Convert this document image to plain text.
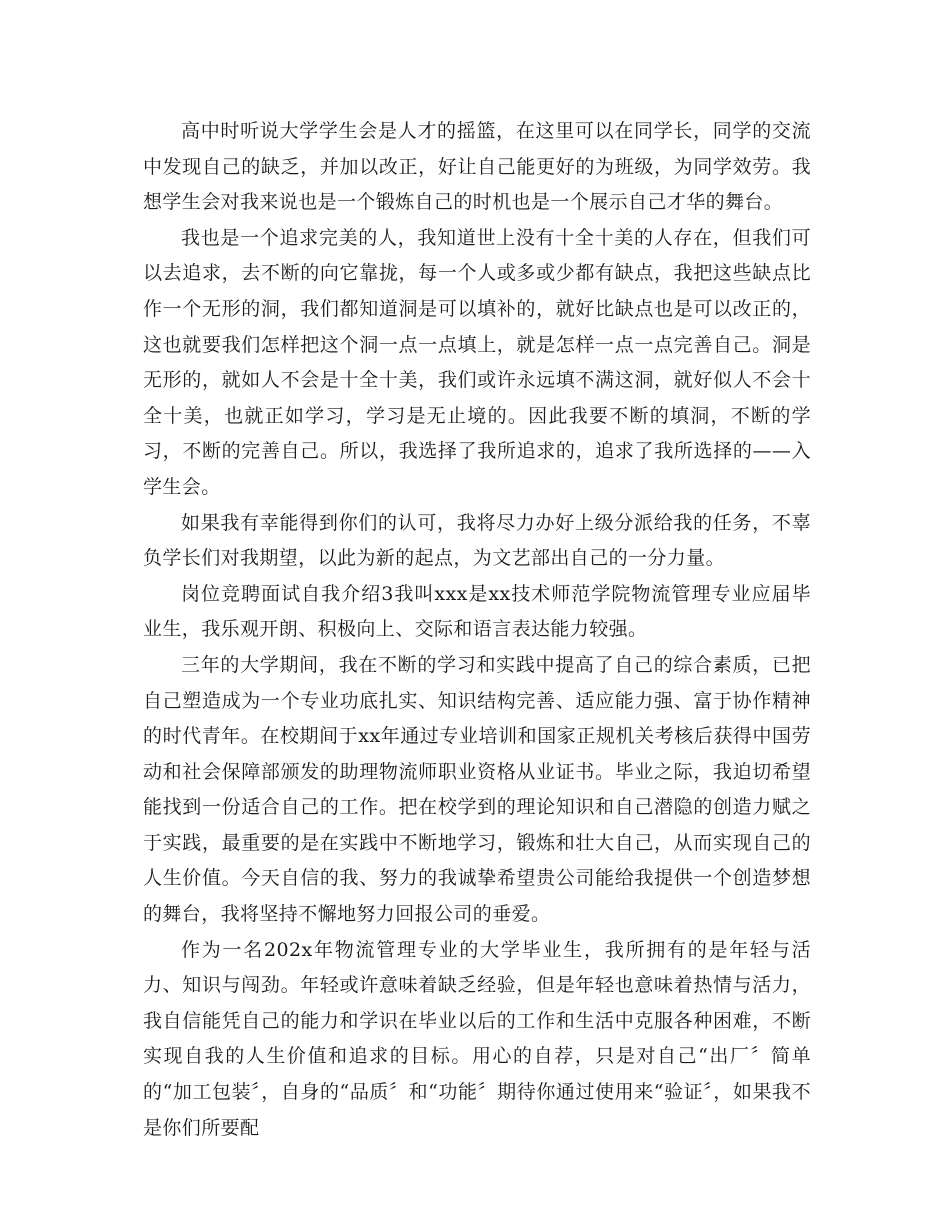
高中时听说大学学生会是人才的摇篮，在这里可以在同学长，同学的交流中发现自己的缺乏，并加以改正，好让自己能更好的为班级，为同学效劳。我想学生会对我来说也是一个锻炼自己的时机也是一个展示自己才华的舞台。

我也是一个追求完美的人，我知道世上没有十全十美的人存在，但我们可以去追求，去不断的向它靠拢，每一个人或多或少都有缺点，我把这些缺点比作一个无形的洞，我们都知道洞是可以填补的，就好比缺点也是可以改正的，这也就要我们怎样把这个洞一点一点填上，就是怎样一点一点完善自己。洞是无形的，就如人不会是十全十美，我们或许永远填不满这洞，就好似人不会十全十美，也就正如学习，学习是无止境的。因此我要不断的填洞，不断的学习，不断的完善自己。所以，我选择了我所追求的，追求了我所选择的——入学生会。

如果我有幸能得到你们的认可，我将尽力办好上级分派给我的任务，不辜负学长们对我期望，以此为新的起点，为文艺部出自己的一分力量。

岗位竞聘面试自我介绍3我叫xxx是xx技术师范学院物流管理专业应届毕业生，我乐观开朗、积极向上、交际和语言表达能力较强。

三年的大学期间，我在不断的学习和实践中提高了自己的综合素质，已把自己塑造成为一个专业功底扎实、知识结构完善、适应能力强、富于协作精神的时代青年。在校期间于xx年通过专业培训和国家正规机关考核后获得中国劳动和社会保障部颁发的助理物流师职业资格从业证书。毕业之际，我迫切希望能找到一份适合自己的工作。把在校学到的理论知识和自己潜隐的创造力赋之于实践，最重要的是在实践中不断地学习，锻炼和壮大自己，从而实现自己的人生价值。今天自信的我、努力的我诚挚希望贵公司能给我提供一个创造梦想的舞台，我将坚持不懈地努力回报公司的垂爱。

作为一名202x年物流管理专业的大学毕业生，我所拥有的是年轻与活力、知识与闯劲。年轻或许意味着缺乏经验，但是年轻也意味着热情与活力，我自信能凭自己的能力和学识在毕业以后的工作和生活中克服各种困难，不断实现自我的人生价值和追求的目标。用心的自荐，只是对自己“出厂〞简单的“加工包装〞，自身的“品质〞和“功能〞期待你通过使用来“验证〞，如果我不是你们所要配
